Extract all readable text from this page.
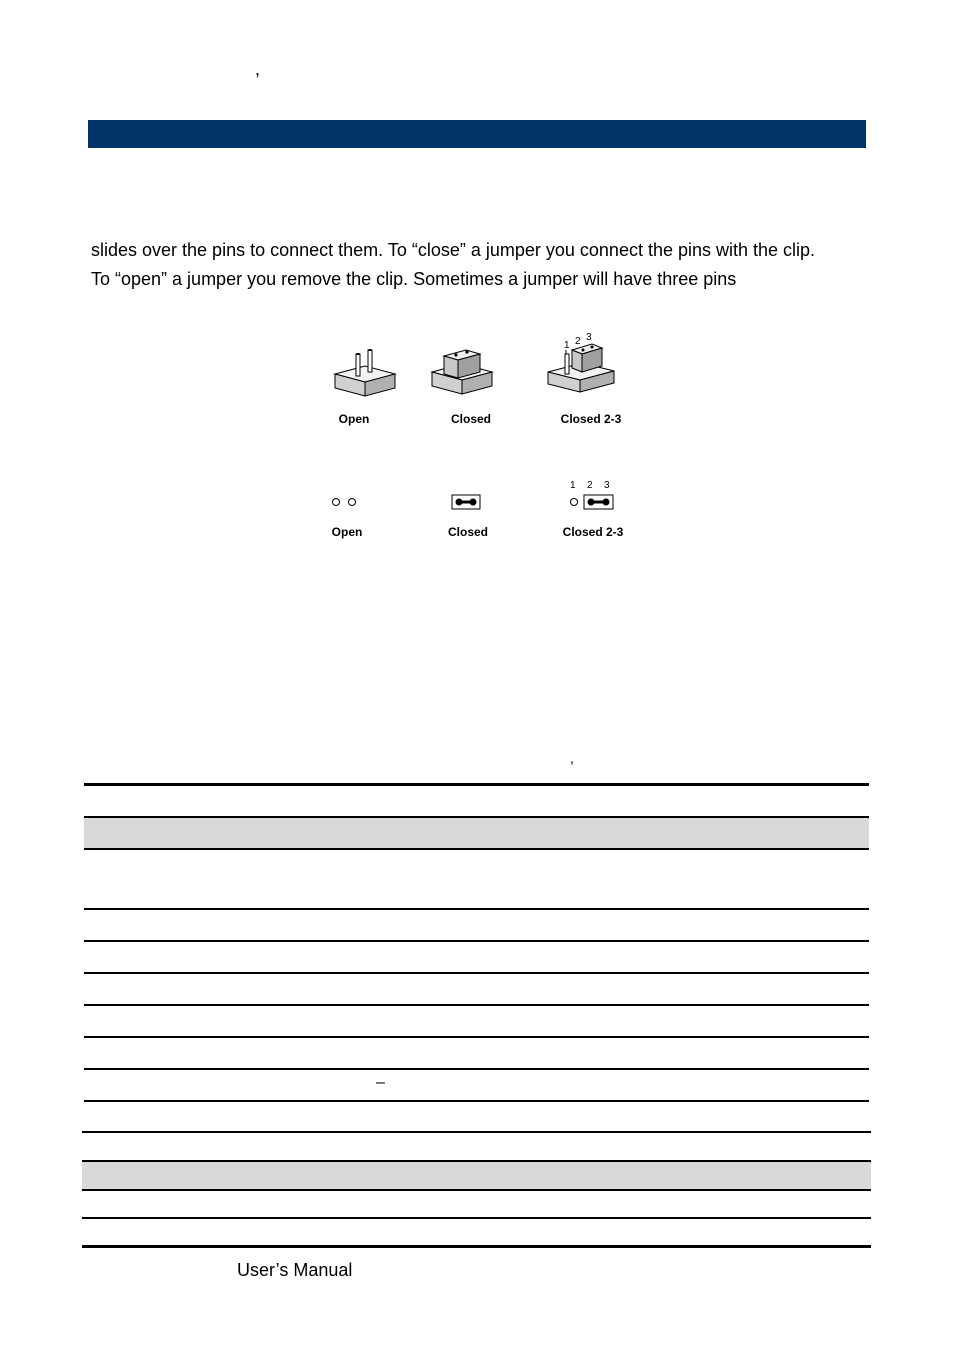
,

slides over the pins to connect them. To “close” a jumper you connect the pins with the clip.

To “open” a jumper you remove the clip. Sometimes a jumper will have three pins

1 2 3
Open	Closed	Closed 2-3
1 2 3
Open	Closed	Closed 2-3
,
–
User’s Manual
